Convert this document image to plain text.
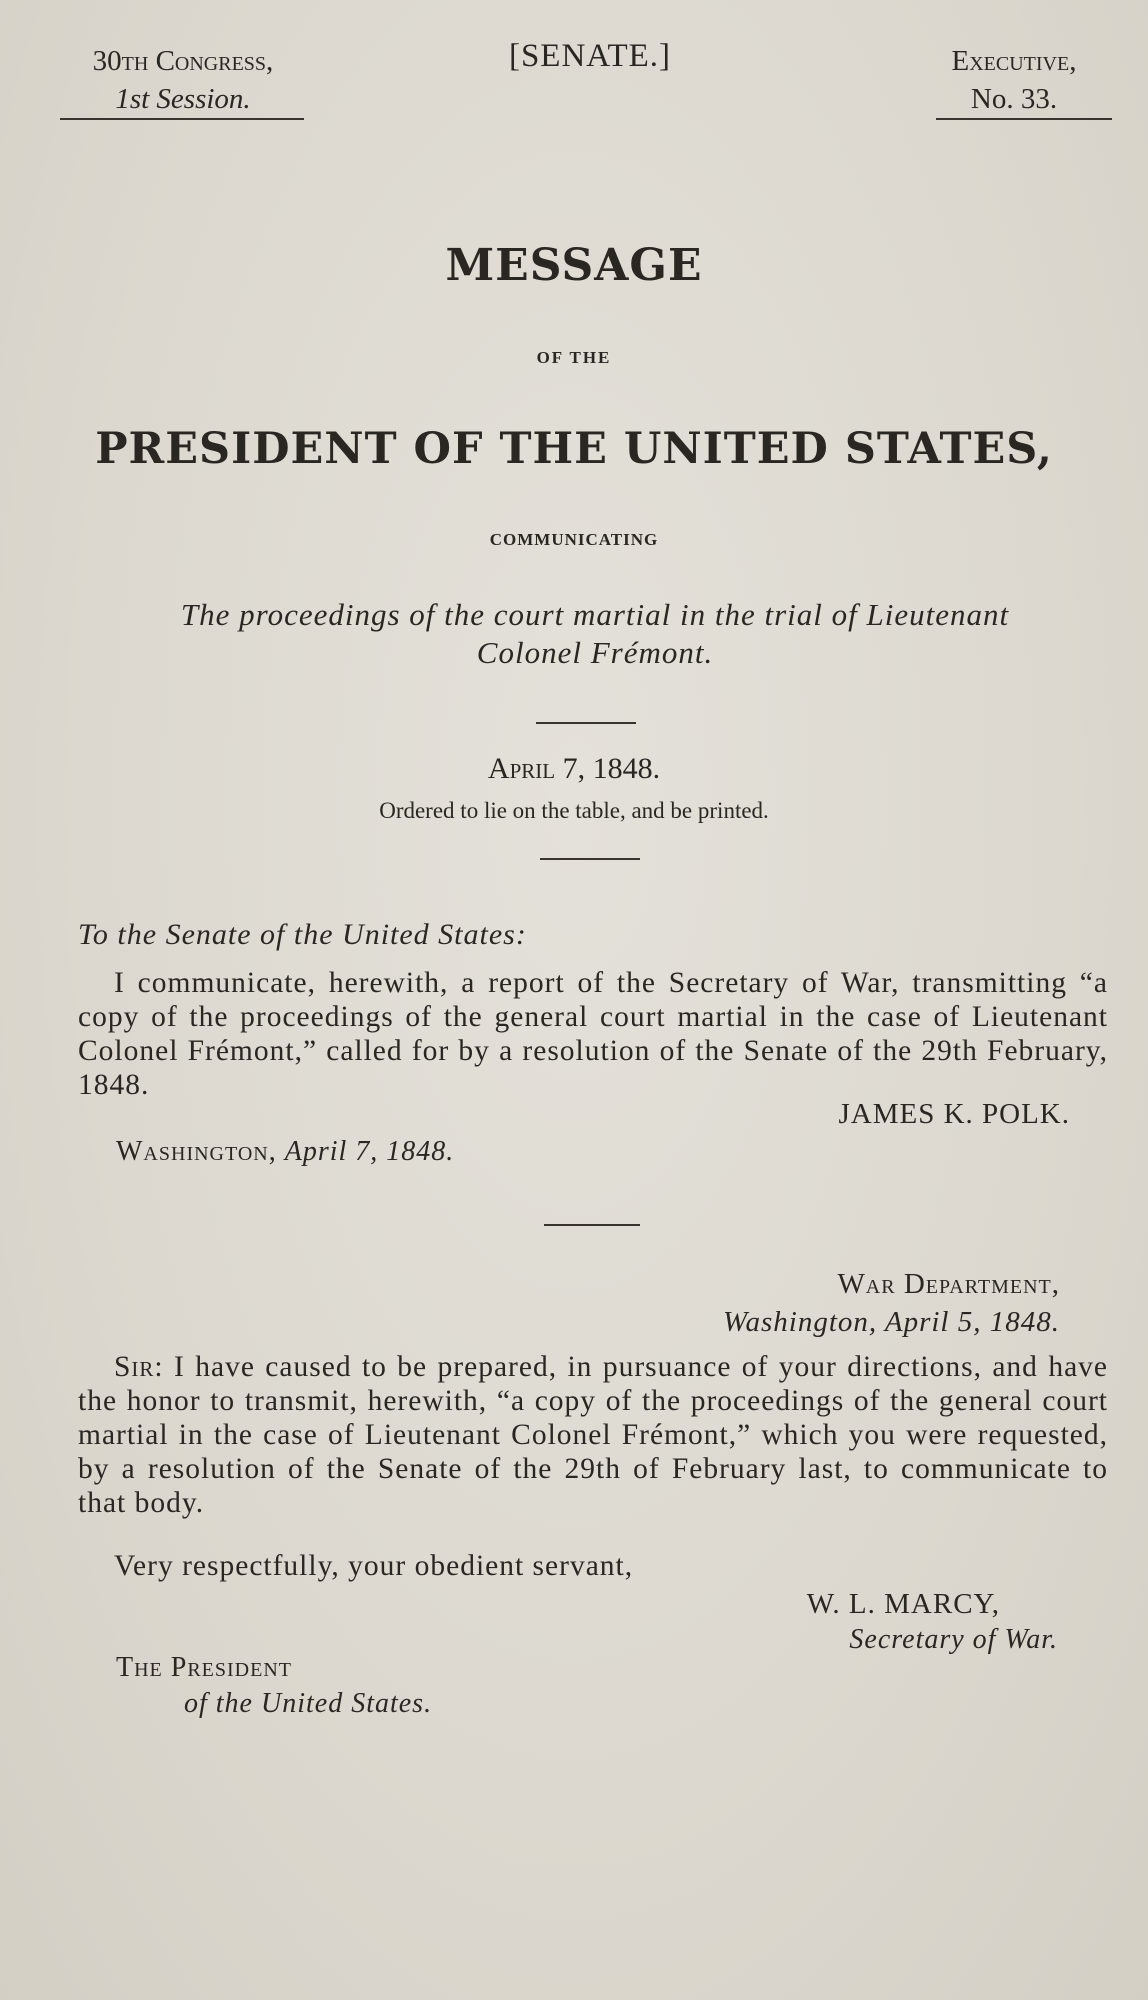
30th Congress,
1st Session.
[SENATE.]	Executive,
No. 33.
MESSAGE
OF THE
PRESIDENT OF THE UNITED STATES,
COMMUNICATING
The proceedings of the court martial in the trial of Lieutenant
Colonel Frémont.
April 7, 1848.
Ordered to lie on the table, and be printed.
To the Senate of the United States:
I communicate, herewith, a report of the Secretary of War, transmitting “a copy of the proceedings of the general court martial in the case of Lieutenant Colonel Frémont,” called for by a resolution of the Senate of the 29th February, 1848.
JAMES K. POLK.
Washington, April 7, 1848.
War Department,
Washington, April 5, 1848.
Sir: I have caused to be prepared, in pursuance of your directions, and have the honor to transmit, herewith, “a copy of the proceedings of the general court martial in the case of Lieutenant Colonel Frémont,” which you were requested, by a resolution of the Senate of the 29th of February last, to communicate to that body.
Very respectfully, your obedient servant,
W. L. MARCY,
Secretary of War.
The President
of the United States.
